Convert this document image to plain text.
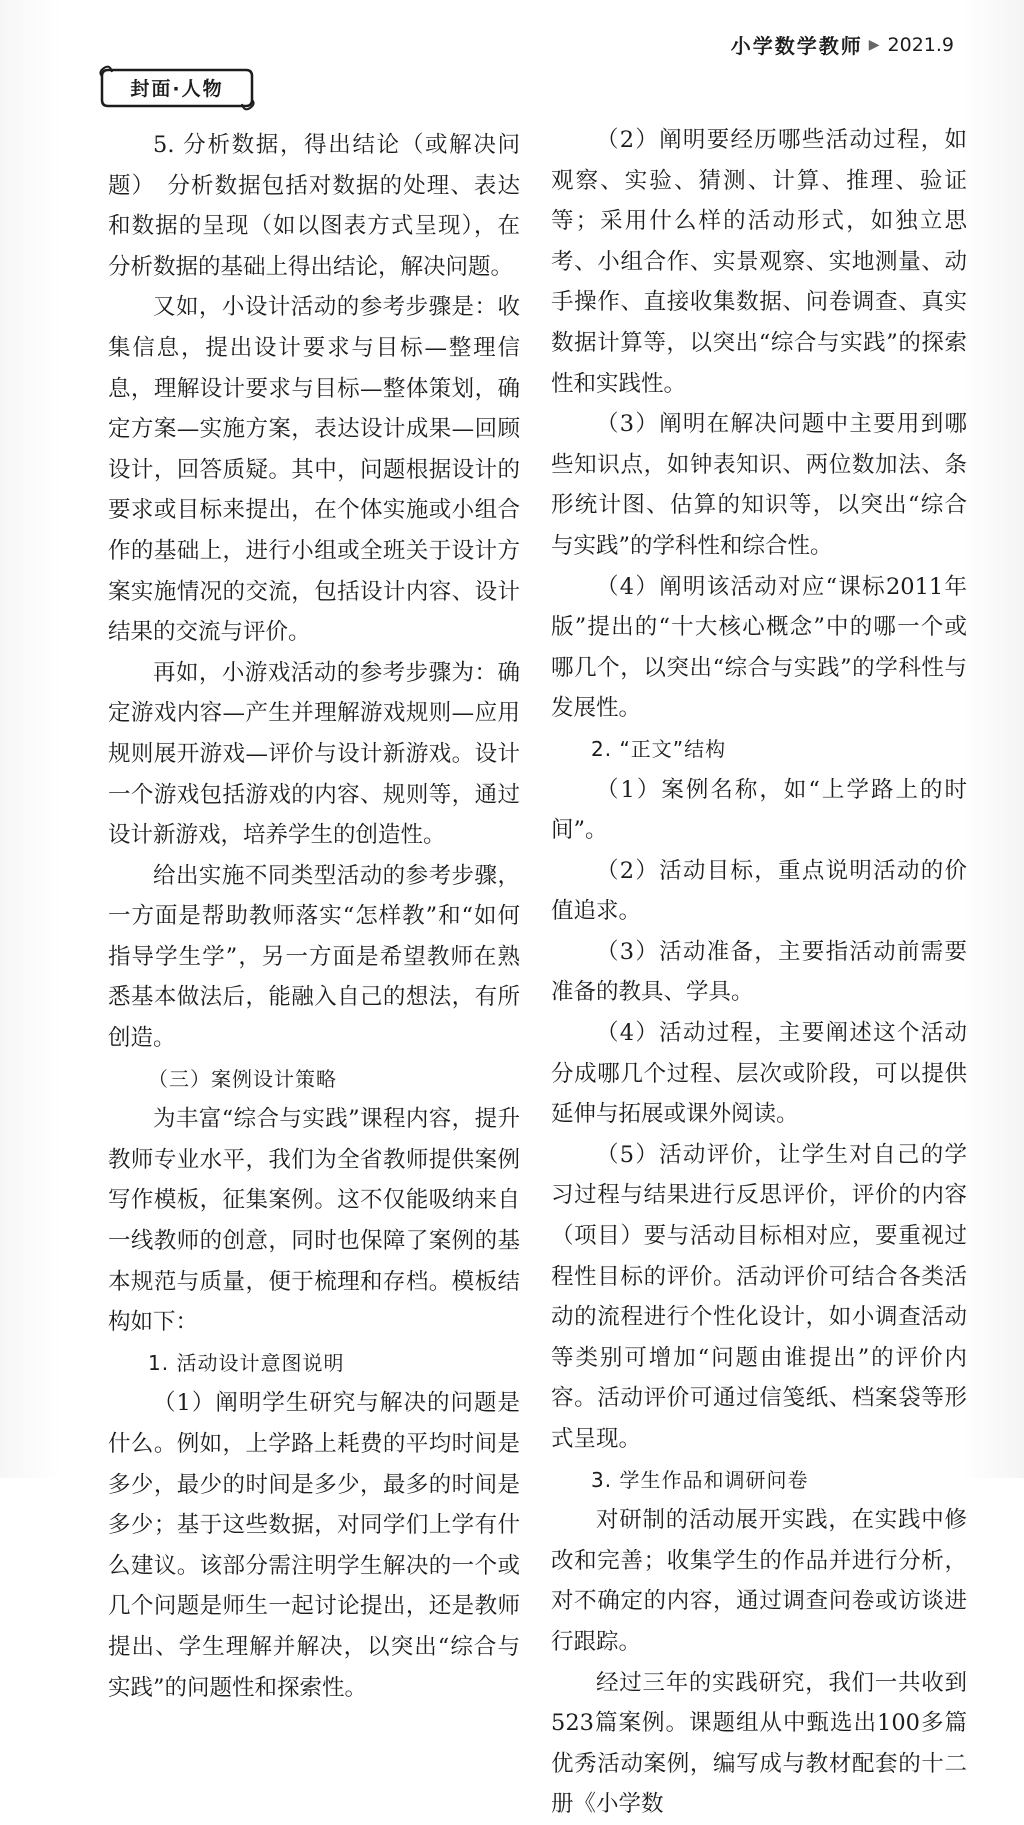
小学数学教师 ▶ 2021.9
封面·人物

5. 分析数据，得出结论（或解决问题）　分析数据包括对数据的处理、表达和数据的呈现（如以图表方式呈现），在分析数据的基础上得出结论，解决问题。

又如，小设计活动的参考步骤是：收集信息，提出设计要求与目标—整理信息，理解设计要求与目标—整体策划，确定方案—实施方案，表达设计成果—回顾设计，回答质疑。其中，问题根据设计的要求或目标来提出，在个体实施或小组合作的基础上，进行小组或全班关于设计方案实施情况的交流，包括设计内容、设计结果的交流与评价。

再如，小游戏活动的参考步骤为：确定游戏内容—产生并理解游戏规则—应用规则展开游戏—评价与设计新游戏。设计一个游戏包括游戏的内容、规则等，通过设计新游戏，培养学生的创造性。

给出实施不同类型活动的参考步骤，一方面是帮助教师落实“怎样教”和“如何指导学生学”，另一方面是希望教师在熟悉基本做法后，能融入自己的想法，有所创造。

（三）案例设计策略

为丰富“综合与实践”课程内容，提升教师专业水平，我们为全省教师提供案例写作模板，征集案例。这不仅能吸纳来自一线教师的创意，同时也保障了案例的基本规范与质量，便于梳理和存档。模板结构如下：

1. 活动设计意图说明

（1）阐明学生研究与解决的问题是什么。例如，上学路上耗费的平均时间是多少，最少的时间是多少，最多的时间是多少；基于这些数据，对同学们上学有什么建议。该部分需注明学生解决的一个或几个问题是师生一起讨论提出，还是教师提出、学生理解并解决，以突出“综合与实践”的问题性和探索性。

（2）阐明要经历哪些活动过程，如观察、实验、猜测、计算、推理、验证等；采用什么样的活动形式，如独立思考、小组合作、实景观察、实地测量、动手操作、直接收集数据、问卷调查、真实数据计算等，以突出“综合与实践”的探索性和实践性。

（3）阐明在解决问题中主要用到哪些知识点，如钟表知识、两位数加法、条形统计图、估算的知识等，以突出“综合与实践”的学科性和综合性。

（4）阐明该活动对应“课标2011年版”提出的“十大核心概念”中的哪一个或哪几个，以突出“综合与实践”的学科性与发展性。

2. “正文”结构

（1）案例名称，如“上学路上的时间”。

（2）活动目标，重点说明活动的价值追求。

（3）活动准备，主要指活动前需要准备的教具、学具。

（4）活动过程，主要阐述这个活动分成哪几个过程、层次或阶段，可以提供延伸与拓展或课外阅读。

（5）活动评价，让学生对自己的学习过程与结果进行反思评价，评价的内容（项目）要与活动目标相对应，要重视过程性目标的评价。活动评价可结合各类活动的流程进行个性化设计，如小调查活动等类别可增加“问题由谁提出”的评价内容。活动评价可通过信笺纸、档案袋等形式呈现。

3. 学生作品和调研问卷

对研制的活动展开实践，在实践中修改和完善；收集学生的作品并进行分析，对不确定的内容，通过调查问卷或访谈进行跟踪。

经过三年的实践研究，我们一共收到523篇案例。课题组从中甄选出100多篇优秀活动案例，编写成与教材配套的十二册《小学数
